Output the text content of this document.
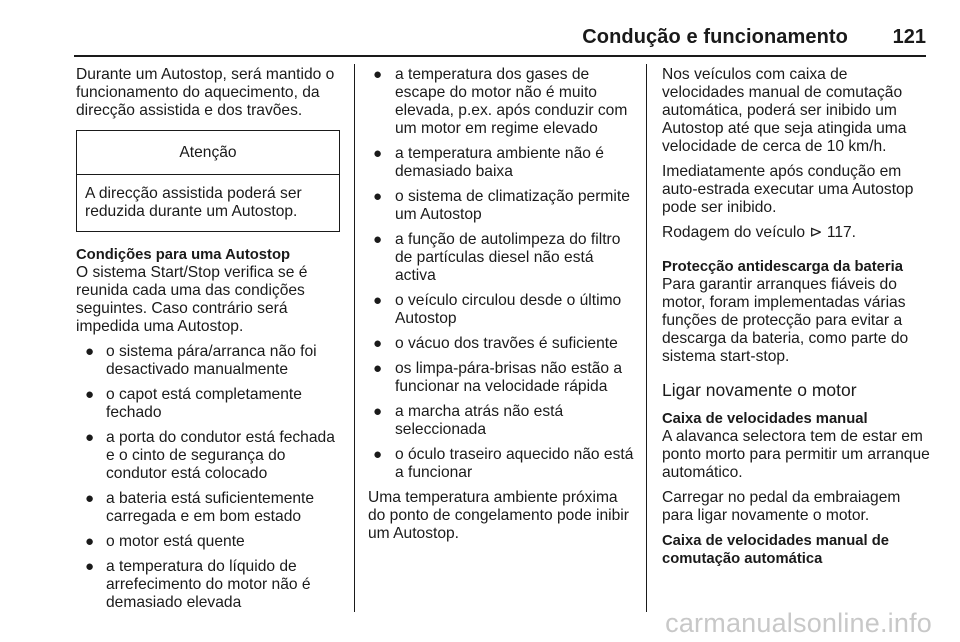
Condução e funcionamento 121

Durante um Autostop, será mantido o funcionamento do aquecimento, da direcção assistida e dos travões.

Atenção
A direcção assistida poderá ser reduzida durante um Autostop.

Condições para uma Autostop

O sistema Start/Stop verifica se é reunida cada uma das condições seguintes. Caso contrário será impedida uma Autostop.

● o sistema pára/arranca não foi desactivado manualmente
● o capot está completamente fechado
● a porta do condutor está fechada e o cinto de segurança do condutor está colocado
● a bateria está suficientemente carregada e em bom estado
● o motor está quente
● a temperatura do líquido de arrefecimento do motor não é demasiado elevada
● a temperatura dos gases de escape do motor não é muito elevada, p.ex. após conduzir com um motor em regime elevado
● a temperatura ambiente não é demasiado baixa
● o sistema de climatização permite um Autostop
● a função de autolimpeza do filtro de partículas diesel não está activa
● o veículo circulou desde o último Autostop
● o vácuo dos travões é suficiente
● os limpa-pára-brisas não estão a funcionar na velocidade rápida
● a marcha atrás não está seleccionada
● o óculo traseiro aquecido não está a funcionar

Uma temperatura ambiente próxima do ponto de congelamento pode inibir um Autostop.

Nos veículos com caixa de velocidades manual de comutação automática, poderá ser inibido um Autostop até que seja atingida uma velocidade de cerca de 10 km/h.

Imediatamente após condução em auto-estrada executar uma Autostop pode ser inibido.

Rodagem do veículo ⊳ 117.

Protecção antidescarga da bateria

Para garantir arranques fiáveis do motor, foram implementadas várias funções de protecção para evitar a descarga da bateria, como parte do sistema start-stop.

Ligar novamente o motor

Caixa de velocidades manual

A alavanca selectora tem de estar em ponto morto para permitir um arranque automático.

Carregar no pedal da embraiagem para ligar novamente o motor.

Caixa de velocidades manual de
comutação automática

carmanualsonline.info
